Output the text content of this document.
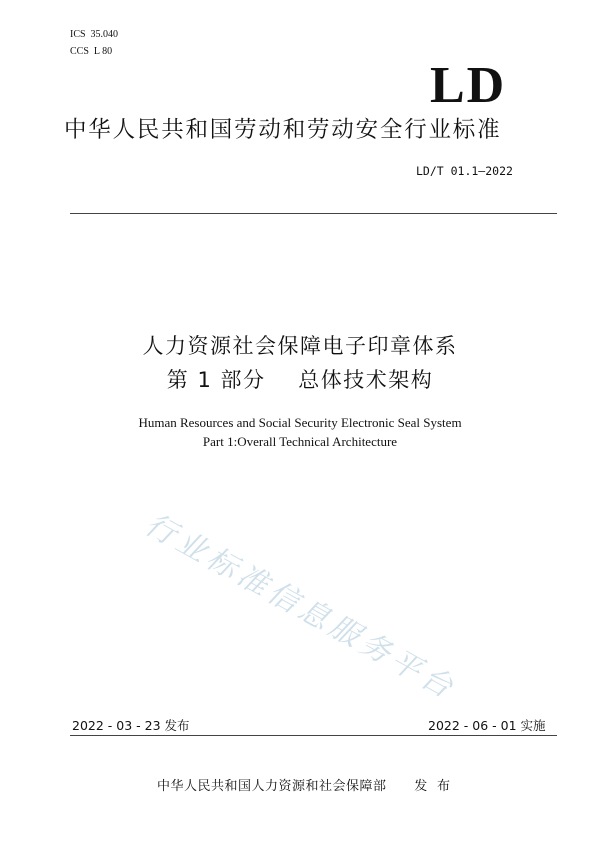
ICS  35.040
CCS  L 80
LD
中华人民共和国劳动和劳动安全行业标准
LD/T 01.1—2022
人力资源社会保障电子印章体系
第 1 部分    总体技术架构
Human Resources and Social Security Electronic Seal System
Part 1:Overall Technical Architecture
行业标准信息服务平台
2022 - 03 - 23 发布	2022 - 06 - 01 实施
中华人民共和国人力资源和社会保障部      发  布
